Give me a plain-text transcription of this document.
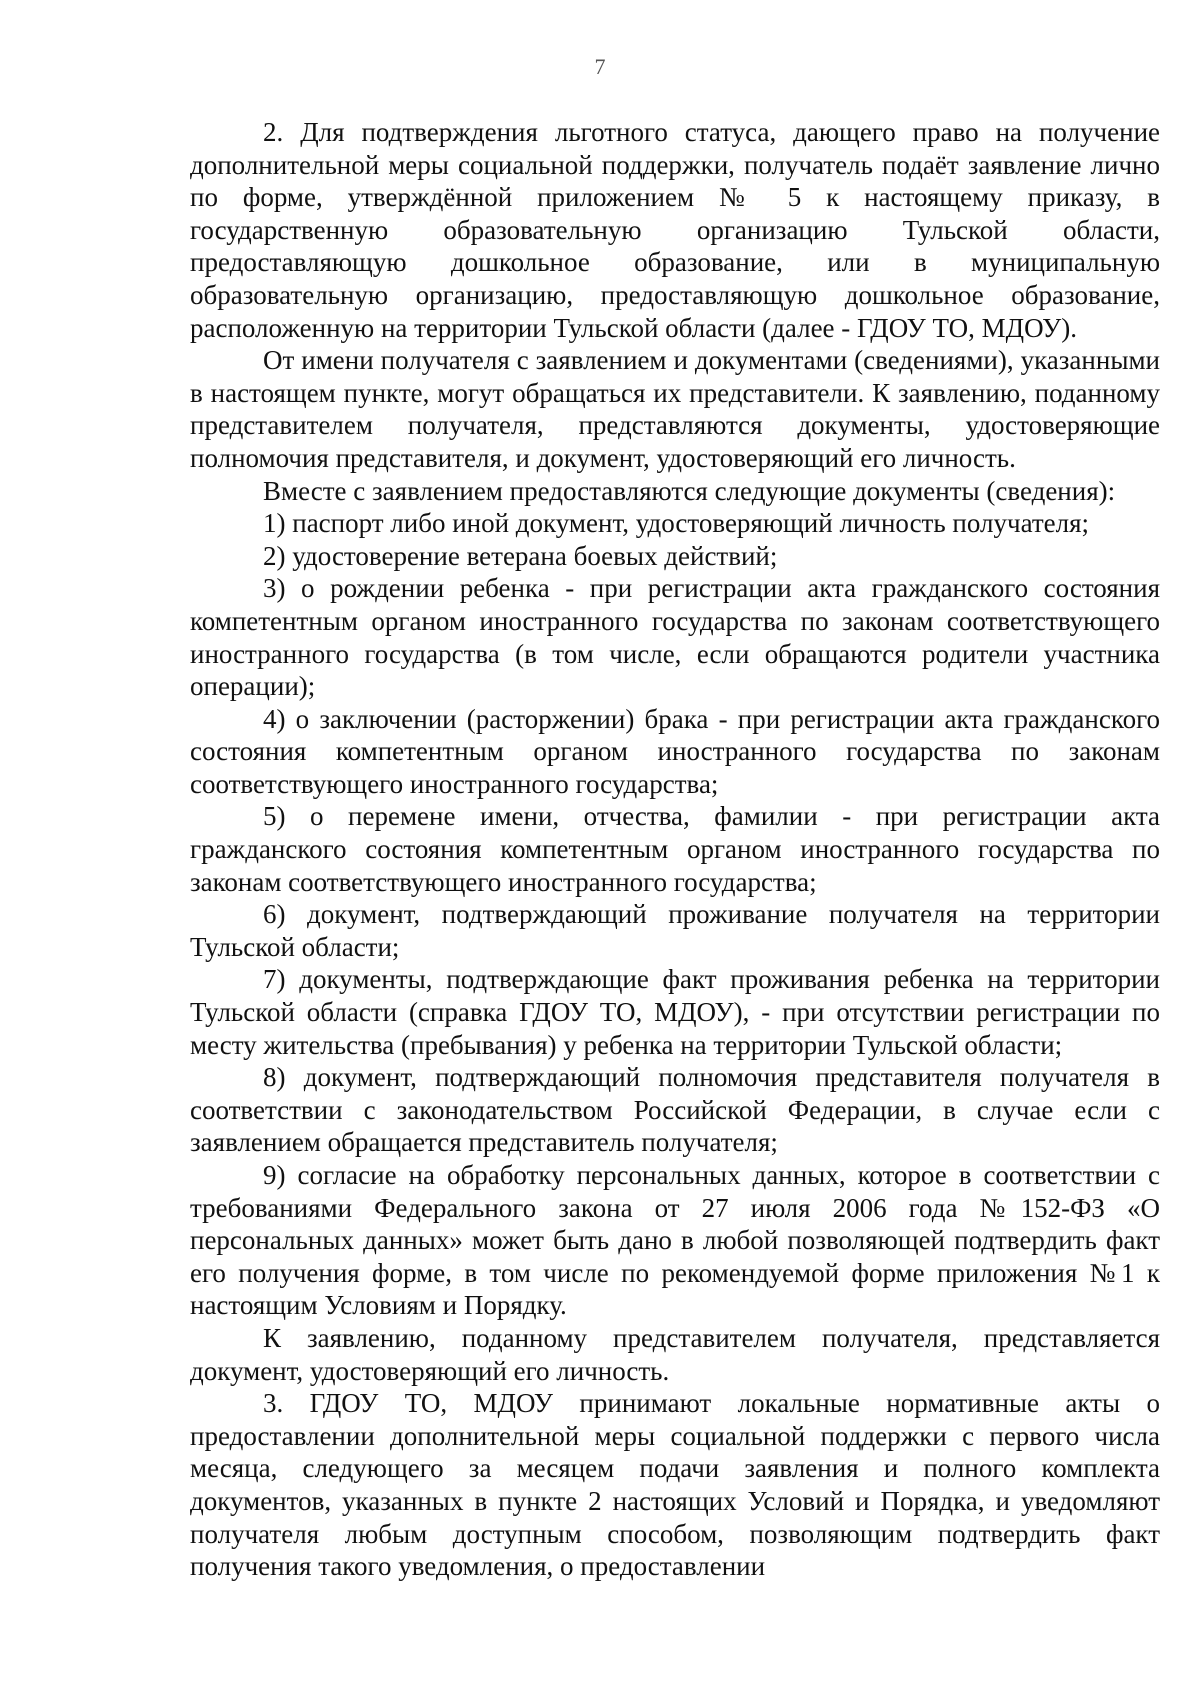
7

2. Для подтверждения льготного статуса, дающего право на получение дополнительной меры социальной поддержки, получатель подаёт заявление лично по форме, утверждённой приложением № 5 к настоящему приказу, в государственную образовательную организацию Тульской области, предоставляющую дошкольное образование, или в муниципальную образовательную организацию, предоставляющую дошкольное образование, расположенную на территории Тульской области (далее - ГДОУ ТО, МДОУ).

От имени получателя с заявлением и документами (сведениями), указанными в настоящем пункте, могут обращаться их представители. К заявлению, поданному представителем получателя, представляются документы, удостоверяющие полномочия представителя, и документ, удостоверяющий его личность.

Вместе с заявлением предоставляются следующие документы (сведения):

1) паспорт либо иной документ, удостоверяющий личность получателя;

2) удостоверение ветерана боевых действий;

3) о рождении ребенка - при регистрации акта гражданского состояния компетентным органом иностранного государства по законам соответствующего иностранного государства (в том числе, если обращаются родители участника операции);

4) о заключении (расторжении) брака - при регистрации акта гражданского состояния компетентным органом иностранного государства по законам соответствующего иностранного государства;

5) о перемене имени, отчества, фамилии - при регистрации акта гражданского состояния компетентным органом иностранного государства по законам соответствующего иностранного государства;

6) документ, подтверждающий проживание получателя на территории Тульской области;

7) документы, подтверждающие факт проживания ребенка на территории Тульской области (справка ГДОУ ТО, МДОУ), - при отсутствии регистрации по месту жительства (пребывания) у ребенка на территории Тульской области;

8) документ, подтверждающий полномочия представителя получателя в соответствии с законодательством Российской Федерации, в случае если с заявлением обращается представитель получателя;

9) согласие на обработку персональных данных, которое в соответствии с требованиями Федерального закона от 27 июля 2006 года №152-ФЗ «О персональных данных» может быть дано в любой позволяющей подтвердить факт его получения форме, в том числе по рекомендуемой форме приложения №1 к настоящим Условиям и Порядку.

К заявлению, поданному представителем получателя, представляется документ, удостоверяющий его личность.

3. ГДОУ ТО, МДОУ принимают локальные нормативные акты о предоставлении дополнительной меры социальной поддержки с первого числа месяца, следующего за месяцем подачи заявления и полного комплекта документов, указанных в пункте 2 настоящих Условий и Порядка, и уведомляют получателя любым доступным способом, позволяющим подтвердить факт получения такого уведомления, о предоставлении
